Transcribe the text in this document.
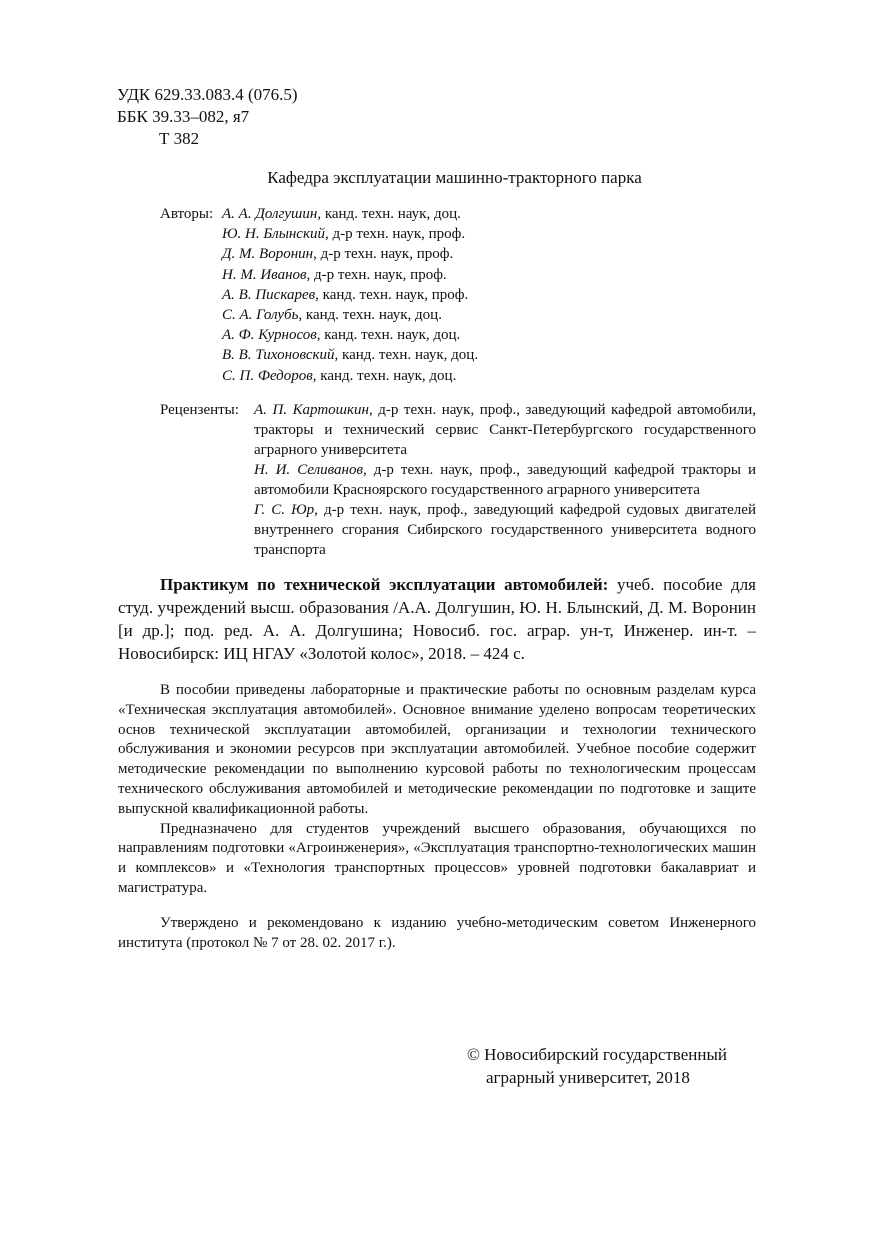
УДК 629.33.083.4 (076.5)
ББК 39.33–082, я7
Т 382
Кафедра эксплуатации машинно-тракторного парка
Авторы: А. А. Долгушин, канд. техн. наук, доц.
Ю. Н. Блынский, д-р техн. наук, проф.
Д. М. Воронин, д-р техн. наук, проф.
Н. М. Иванов, д-р техн. наук, проф.
А. В. Пискарев, канд. техн. наук, проф.
С. А. Голубь, канд. техн. наук, доц.
А. Ф. Курносов, канд. техн. наук, доц.
В. В. Тихоновский, канд. техн. наук, доц.
С. П. Федоров, канд. техн. наук, доц.
Рецензенты:	А. П. Картошкин, д-р техн. наук, проф., заведующий кафедрой автомобили, тракторы и технический сервис Санкт-Петербургского государственного аграрного университета
Н. И. Селиванов, д-р техн. наук, проф., заведующий кафедрой тракторы и автомобили Красноярского государственного аграрного университета
Г. С. Юр, д-р техн. наук, проф., заведующий кафедрой судовых двигателей внутреннего сгорания Сибирского государственного университета водного транспорта
Практикум по технической эксплуатации автомобилей: учеб. пособие для студ. учреждений высш. образования /А.А. Долгушин, Ю. Н. Блынский, Д. М. Воронин [и др.]; под. ред. А. А. Долгушина; Новосиб. гос. аграр. ун-т, Инженер. ин-т. – Новосибирск: ИЦ НГАУ «Золотой колос», 2018. – 424 с.

В пособии приведены лабораторные и практические работы по основным разделам курса «Техническая эксплуатация автомобилей». Основное внимание уделено вопросам теоретических основ технической эксплуатации автомобилей, организации и технологии технического обслуживания и экономии ресурсов при эксплуатации автомобилей. Учебное пособие содержит методические рекомендации по выполнению курсовой работы по технологическим процессам технического обслуживания автомобилей и методические рекомендации по подготовке и защите выпускной квалификационной работы.

Предназначено для студентов учреждений высшего образования, обучающихся по направлениям подготовки «Агроинженерия», «Эксплуатация транспортно-технологических машин и комплексов» и «Технология транспортных процессов» уровней подготовки бакалавриат и магистратура.

Утверждено и рекомендовано к изданию учебно-методическим советом Инженерного института (протокол № 7 от 28. 02. 2017 г.).
© Новосибирский государственный
аграрный университет, 2018
